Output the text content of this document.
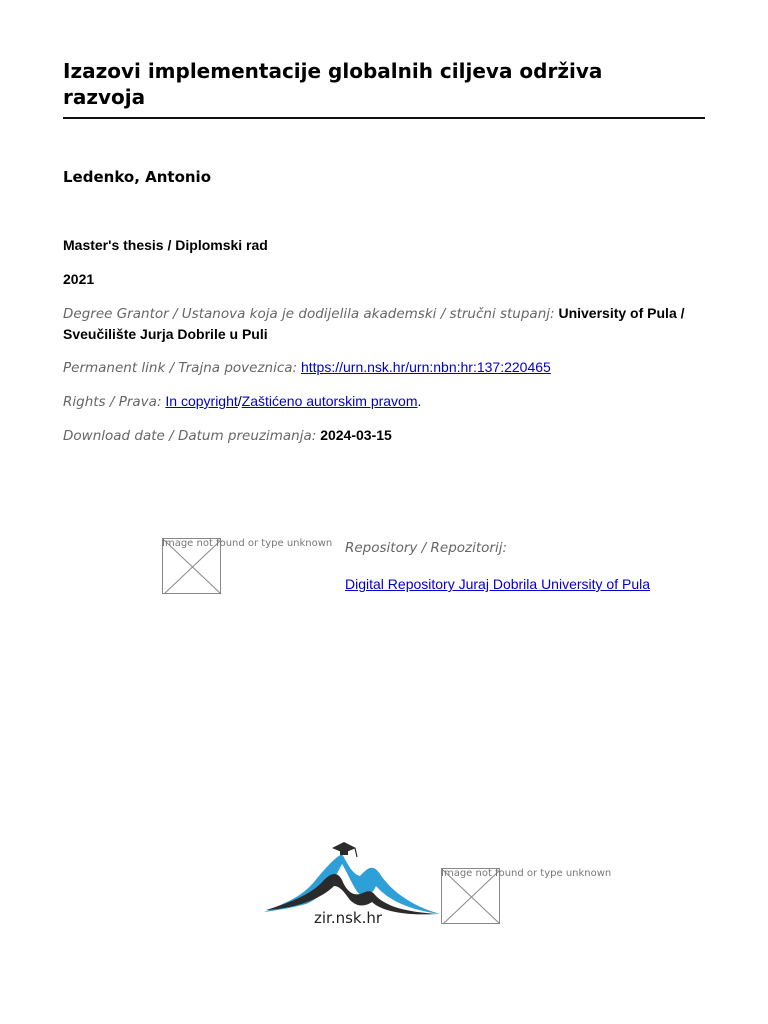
Izazovi implementacije globalnih ciljeva održiva razvoja
Ledenko, Antonio
Master's thesis / Diplomski rad
2021
Degree Grantor / Ustanova koja je dodijelila akademski / stručni stupanj: University of Pula / Sveučilište Jurja Dobrile u Puli
Permanent link / Trajna poveznica: https://urn.nsk.hr/urn:nbn:hr:137:220465
Rights / Prava: In copyright/Zaštićeno autorskim pravom.
Download date / Datum preuzimanja: 2024-03-15
Image not found or type unknown Repository / Repozitorij:
Digital Repository Juraj Dobrila University of Pula
zir.nsk.hr
Image not found or type unknown
